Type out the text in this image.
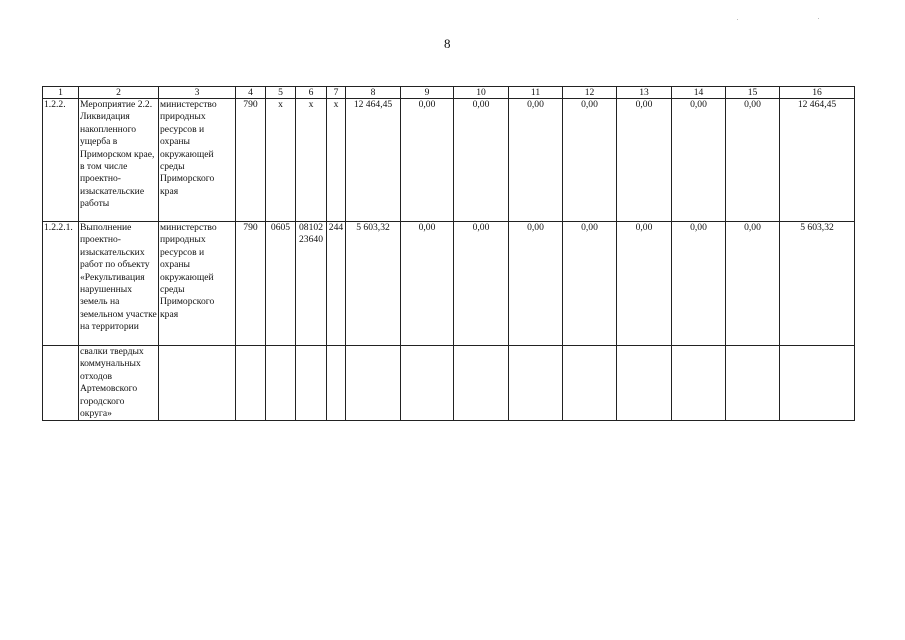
8
1	2	3	4	5	6	7	8	9	10	11	12	13	14	15	16
1.2.2.	Мероприятие 2.2. Ликвидация накопленного ущерба в Приморском крае, в том числе проектно-изыскательские работы	министерство природных ресурсов и охраны окружающей среды Приморского края	790	х	х	х	12 464,45	0,00	0,00	0,00	0,00	0,00	0,00	0,00	12 464,45
1.2.2.1.	Выполнение проектно-изыскательских работ по объекту «Рекультивация нарушенных земель на земельном участке на территории	министерство природных ресурсов и охраны окружающей среды Приморского края	790	0605	08102 23640	244	5 603,32	0,00	0,00	0,00	0,00	0,00	0,00	0,00	5 603,32
	свалки твердых коммунальных отходов Артемовского городского округа»														
